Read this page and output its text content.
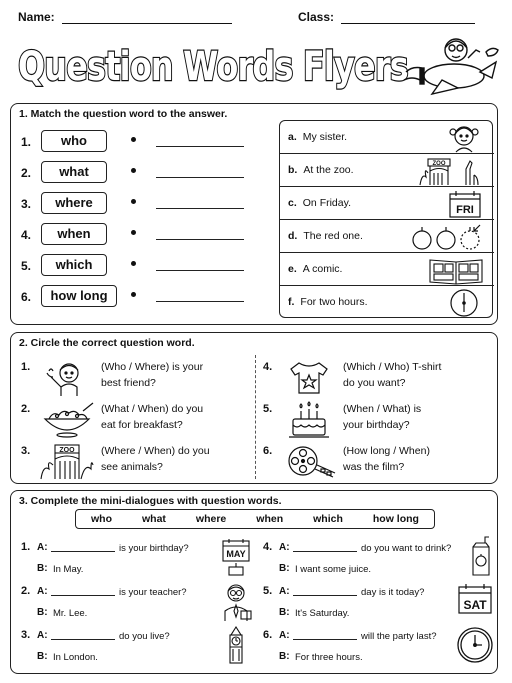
Name:	Class:
Question Words Flyers
1. Match the question word to the answer.
1.	who
2.	what
3.	where
4.	when
5.	which
6.	how long
a. My sister.
b. At the zoo.	ZOO
c. On Friday.
FRI
d. The red one.
e. A comic.
f. For two hours.
2. Circle the correct question word.
1.	(Who / Where) is your
best friend?
2.	(What / When) do you
eat for breakfast?
3.	ZOO	(Where / When) do you
see animals?
4.	(Which / Who) T-shirt
do you want?
5.	(When / What) is
your birthday?
6.	(How long / When)
was the film?
3. Complete the mini-dialogues with question words.
who	what	where	when	which	how long
1. A:	is your birthday?
B: In May.
MAY
2. A:	is your teacher?
B: Mr. Lee.
3. A:	do you live?
B: In London.
4. A:	do you want to drink?
B: I want some juice.
5. A:	day is it today?
B: It's Saturday.
SAT
6. A:	will the party last?
B: For three hours.
